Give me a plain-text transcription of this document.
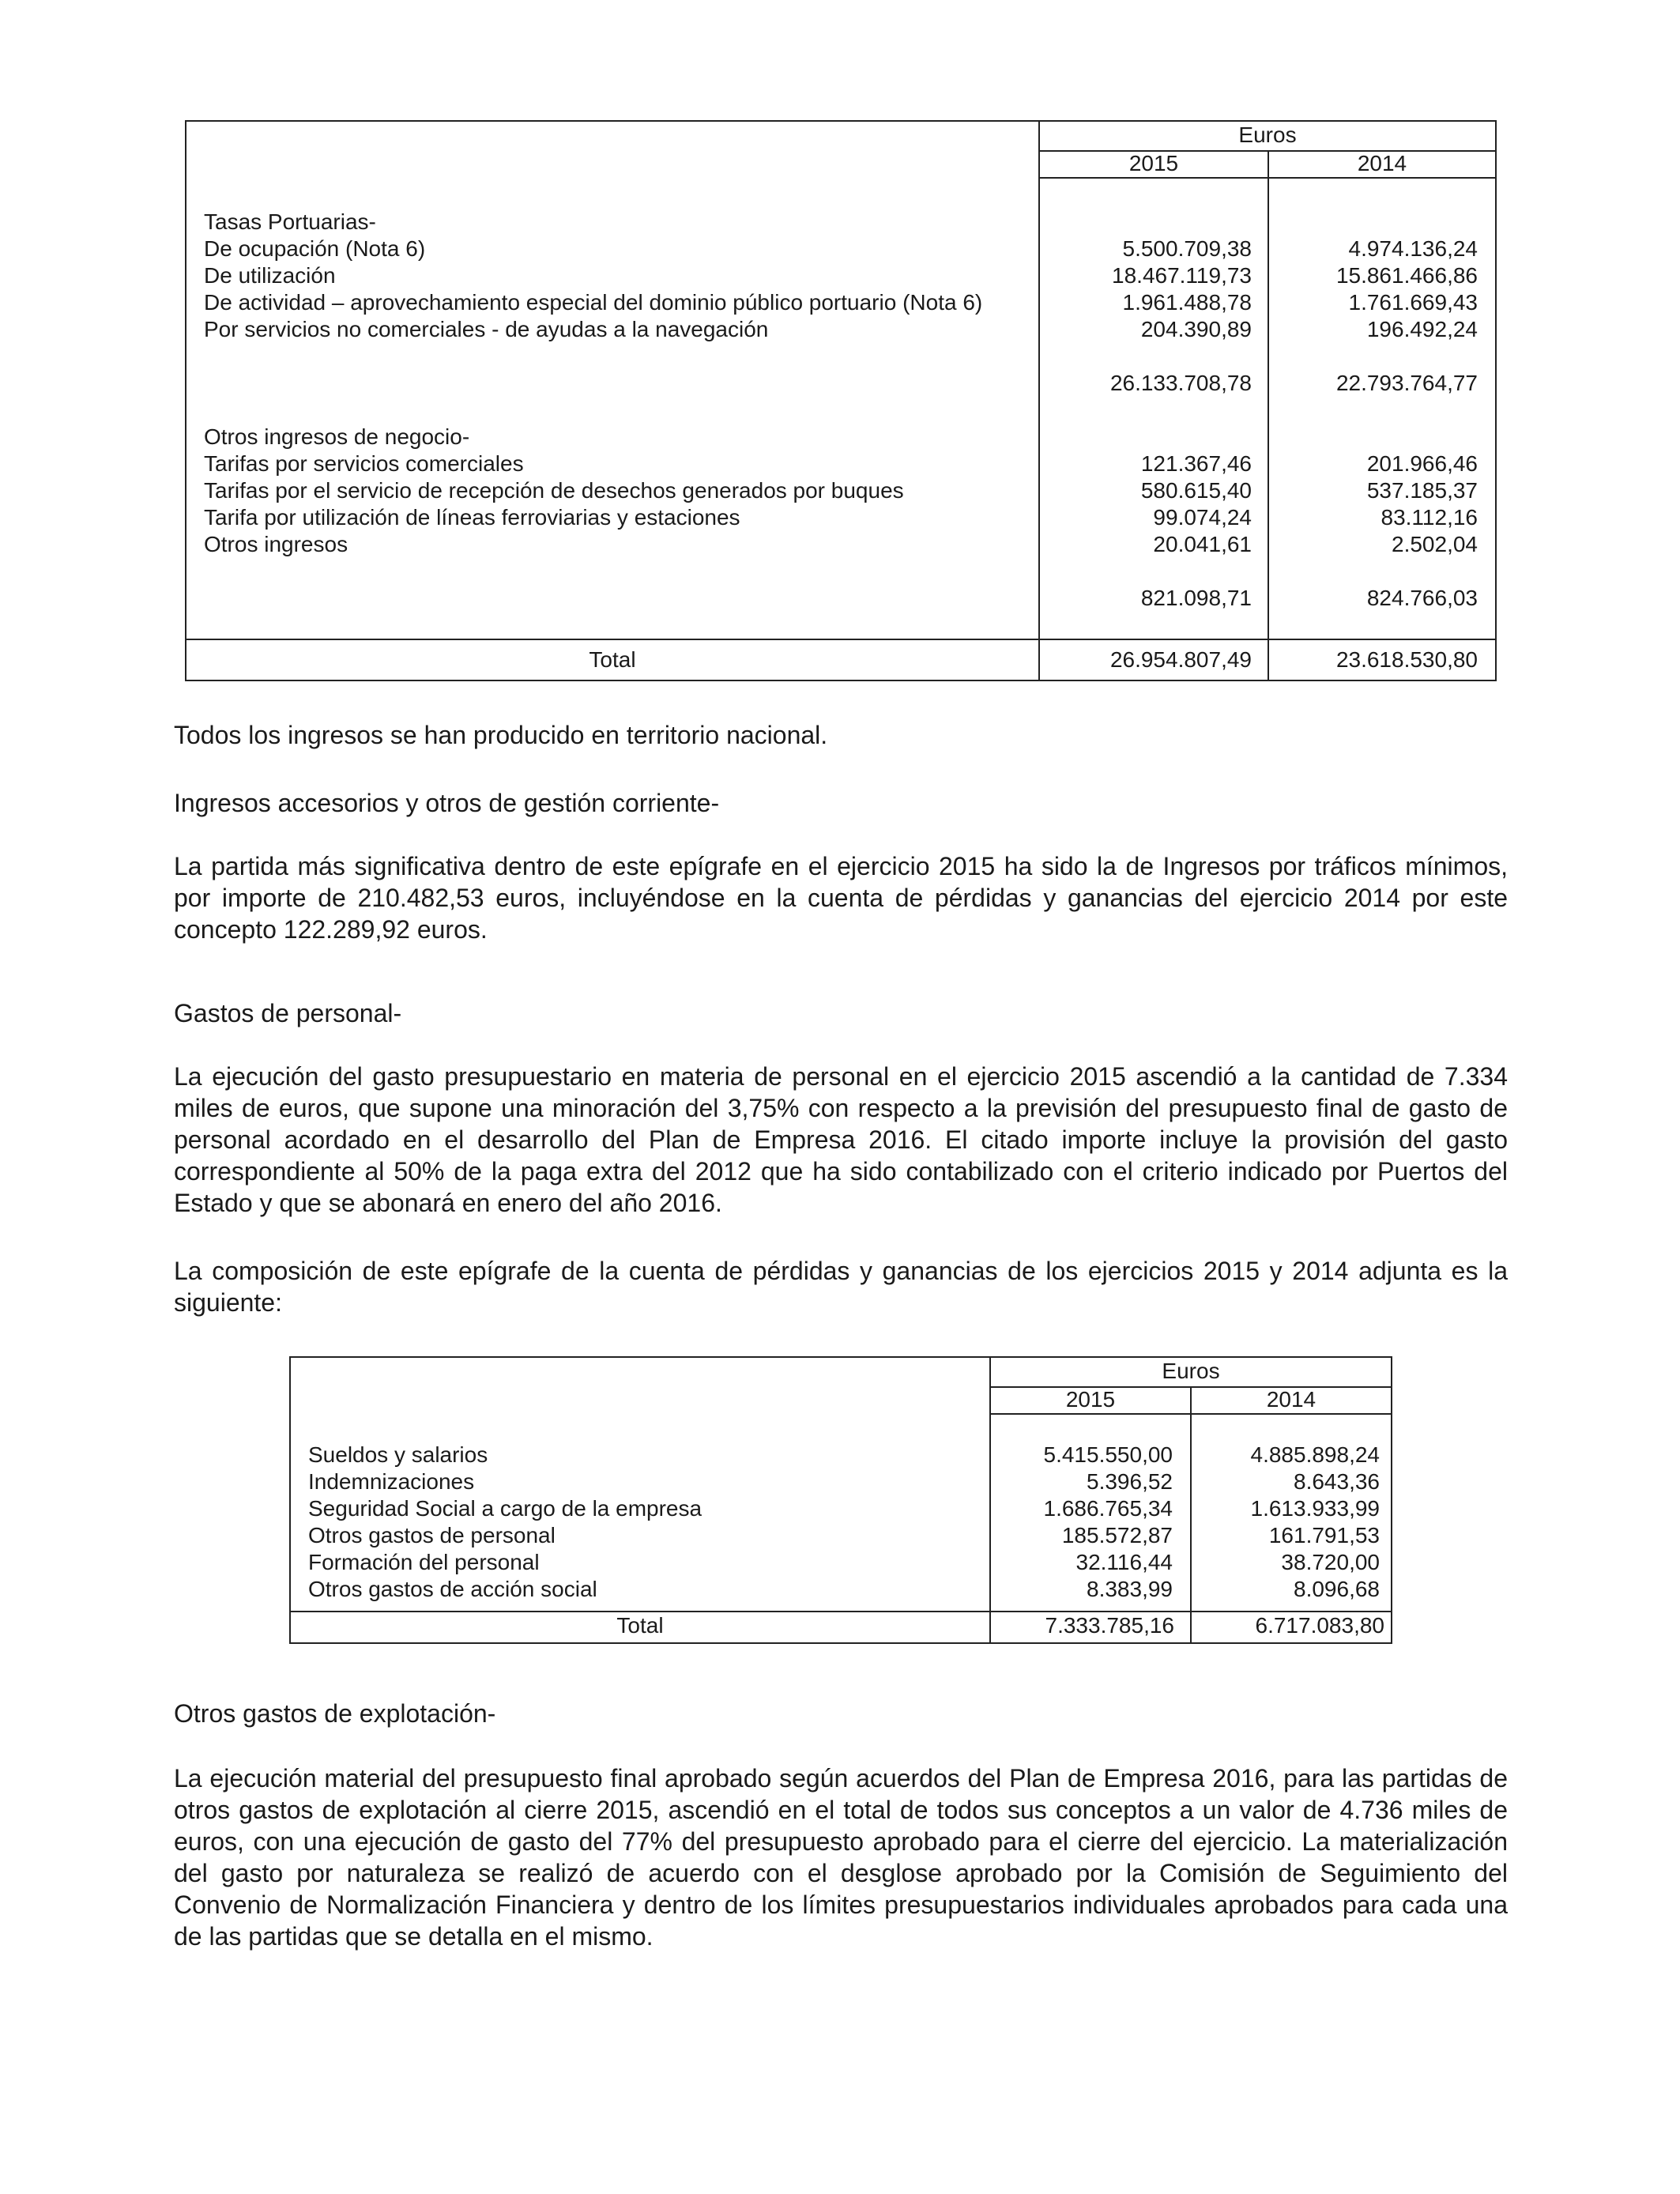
Euros
2015	2014
Tasas Portuarias-
De ocupación (Nota 6)	5.500.709,38	4.974.136,24
De utilización	18.467.119,73	15.861.466,86
De actividad – aprovechamiento especial del dominio público portuario (Nota 6)	1.961.488,78	1.761.669,43
Por servicios no comerciales - de ayudas a la navegación	204.390,89	196.492,24
26.133.708,78	22.793.764,77
Otros ingresos de negocio-
Tarifas por servicios comerciales	121.367,46	201.966,46
Tarifas por el servicio de recepción de desechos generados por buques	580.615,40	537.185,37
Tarifa por utilización de líneas ferroviarias y estaciones	99.074,24	83.112,16
Otros ingresos	20.041,61	2.502,04
821.098,71	824.766,03
Total	26.954.807,49	23.618.530,80
Todos los ingresos se han producido en territorio nacional.
Ingresos accesorios y otros de gestión corriente-
La partida más significativa dentro de este epígrafe en el ejercicio 2015 ha sido la de Ingresos por tráficos mínimos, por importe de 210.482,53 euros, incluyéndose en la cuenta de pérdidas y ganancias del ejercicio 2014 por este concepto 122.289,92 euros.
Gastos de personal-
La ejecución del gasto presupuestario en materia de personal en el ejercicio 2015 ascendió a la cantidad de 7.334 miles de euros, que supone una minoración del 3,75% con respecto a la previsión del presupuesto final de gasto de personal acordado en el desarrollo del Plan de Empresa 2016. El citado importe incluye la provisión del gasto correspondiente al 50% de la paga extra del 2012 que ha sido contabilizado con el criterio indicado por Puertos del Estado y que se abonará en enero del año 2016.
La composición de este epígrafe de la cuenta de pérdidas y ganancias de los ejercicios 2015 y 2014 adjunta es la siguiente:
Euros
2015	2014
Sueldos y salarios	5.415.550,00	4.885.898,24
Indemnizaciones	5.396,52	8.643,36
Seguridad Social a cargo de la empresa	1.686.765,34	1.613.933,99
Otros gastos de personal	185.572,87	161.791,53
Formación del personal	32.116,44	38.720,00
Otros gastos de acción social	8.383,99	8.096,68
Total	7.333.785,16	6.717.083,80
Otros gastos de explotación-
La ejecución material del presupuesto final aprobado según acuerdos del Plan de Empresa 2016, para las partidas de otros gastos de explotación al cierre 2015, ascendió en el total de todos sus conceptos a un valor de 4.736 miles de euros, con una ejecución de gasto del 77% del presupuesto aprobado para el cierre del ejercicio. La materialización del gasto por naturaleza se realizó de acuerdo con el desglose aprobado por la Comisión de Seguimiento del Convenio de Normalización Financiera y dentro de los límites presupuestarios individuales aprobados para cada una de las partidas que se detalla en el mismo.
